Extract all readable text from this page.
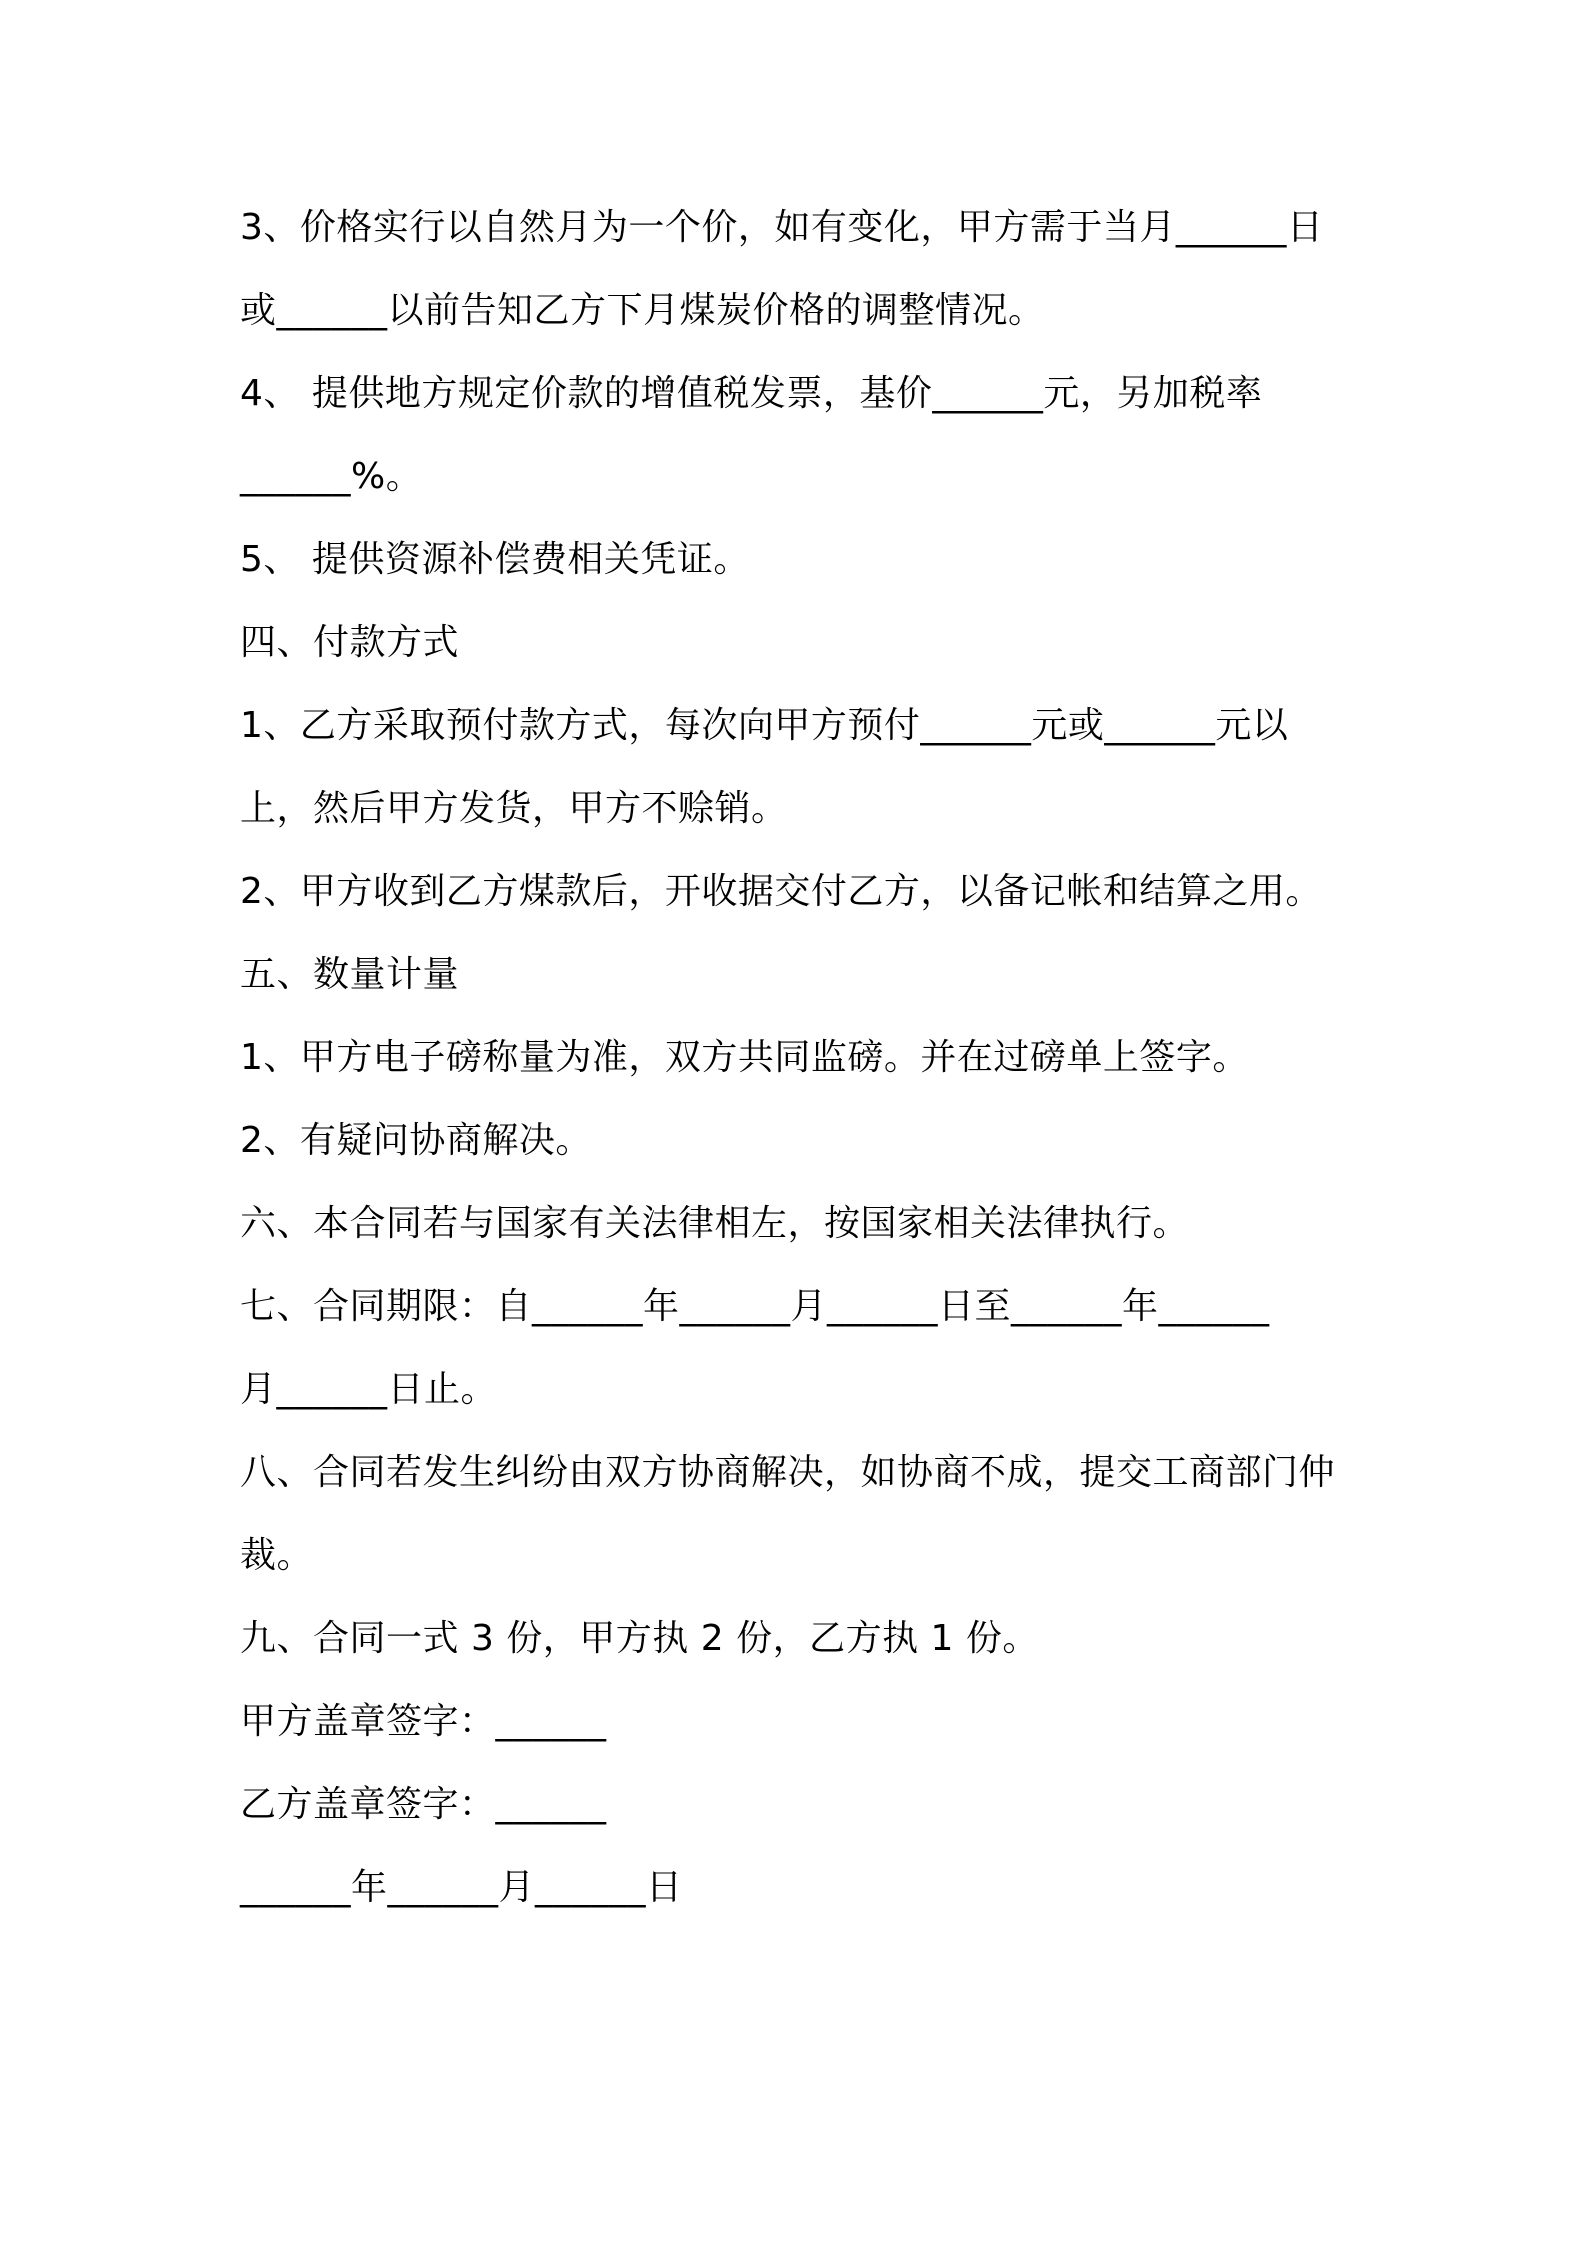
3、价格实行以自然月为一个价，如有变化，甲方需于当月______日
或______以前告知乙方下月煤炭价格的调整情况。
4、 提供地方规定价款的增值税发票，基价______元，另加税率
______%。
5、 提供资源补偿费相关凭证。
四、付款方式
1、乙方采取预付款方式，每次向甲方预付______元或______元以
上，然后甲方发货，甲方不赊销。
2、甲方收到乙方煤款后，开收据交付乙方，以备记帐和结算之用。
五、数量计量
1、甲方电子磅称量为准，双方共同监磅。并在过磅单上签字。
2、有疑问协商解决。
六、本合同若与国家有关法律相左，按国家相关法律执行。
七、合同期限：自______年______月______日至______年______
月______日止。
八、合同若发生纠纷由双方协商解决，如协商不成，提交工商部门仲
裁。
九、合同一式 3 份，甲方执 2 份，乙方执 1 份。
甲方盖章签字：______
乙方盖章签字：______
______年______月______日
